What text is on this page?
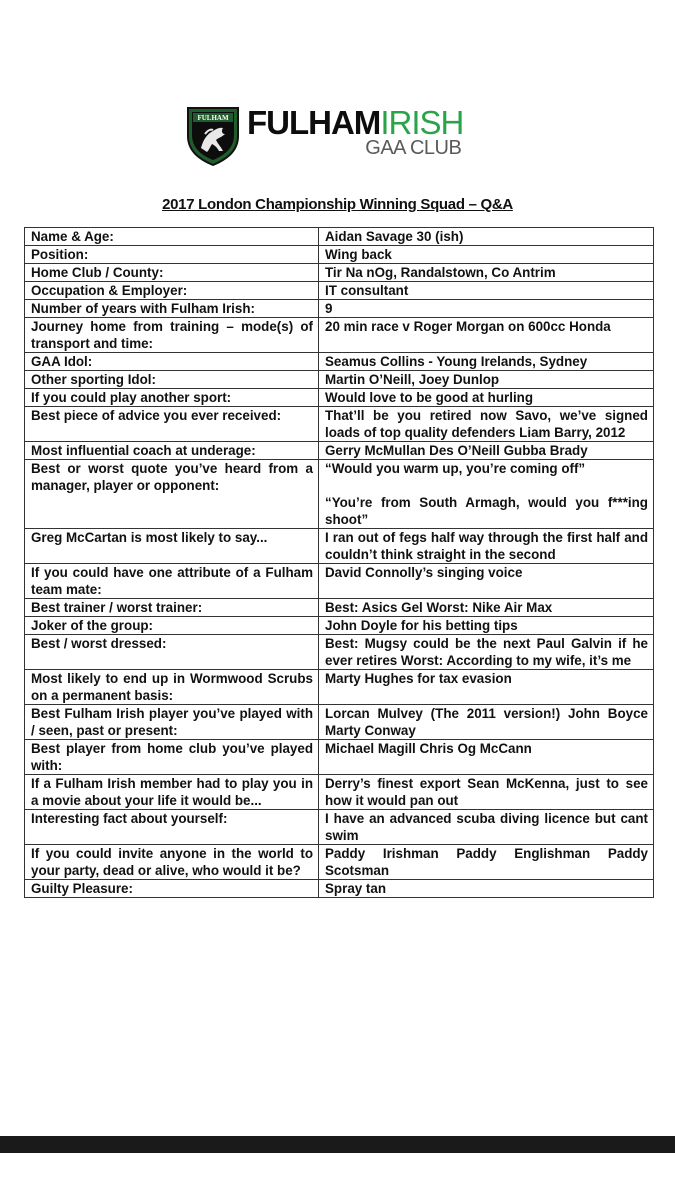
FULHAM FULHAMIRISH
GAA CLUB
2017 London Championship Winning Squad – Q&A
Name & Age:	Aidan Savage 30 (ish)
Position:	Wing back
Home Club / County:	Tir Na nOg, Randalstown, Co Antrim
Occupation & Employer:	IT consultant
Number of years with Fulham Irish:	9
Journey home from training – mode(s) of transport and time:	20 min race v Roger Morgan on 600cc Honda
GAA Idol:	Seamus Collins - Young Irelands, Sydney
Other sporting Idol:	Martin O’Neill, Joey Dunlop
If you could play another sport:	Would love to be good at hurling
Best piece of advice you ever received:	That’ll be you retired now Savo, we’ve signed loads of top quality defenders Liam Barry, 2012
Most influential coach at underage:	Gerry McMullan Des O’Neill Gubba Brady
Best or worst quote you’ve heard from a manager, player or opponent:	“Would you warm up, you’re coming off”
“You’re from South Armagh, would you f***ing shoot”

Greg McCartan is most likely to say...	I ran out of fegs half way through the first half and couldn’t think straight in the second
If you could have one attribute of a Fulham team mate:	David Connolly’s singing voice
Best trainer / worst trainer:	Best: Asics Gel Worst: Nike Air Max
Joker of the group:	John Doyle for his betting tips
Best / worst dressed:	Best: Mugsy could be the next Paul Galvin if he ever retires Worst: According to my wife, it’s me
Most likely to end up in Wormwood Scrubs on a permanent basis:	Marty Hughes for tax evasion
Best Fulham Irish player you’ve played with / seen, past or present:	Lorcan Mulvey (The 2011 version!) John Boyce Marty Conway
Best player from home club you’ve played with:	Michael Magill Chris Og McCann
If a Fulham Irish member had to play you in a movie about your life it would be...	Derry’s finest export Sean McKenna, just to see how it would pan out
Interesting fact about yourself:	I have an advanced scuba diving licence but cant swim
If you could invite anyone in the world to your party, dead or alive, who would it be?	Paddy Irishman Paddy Englishman Paddy Scotsman
Guilty Pleasure:	Spray tan
